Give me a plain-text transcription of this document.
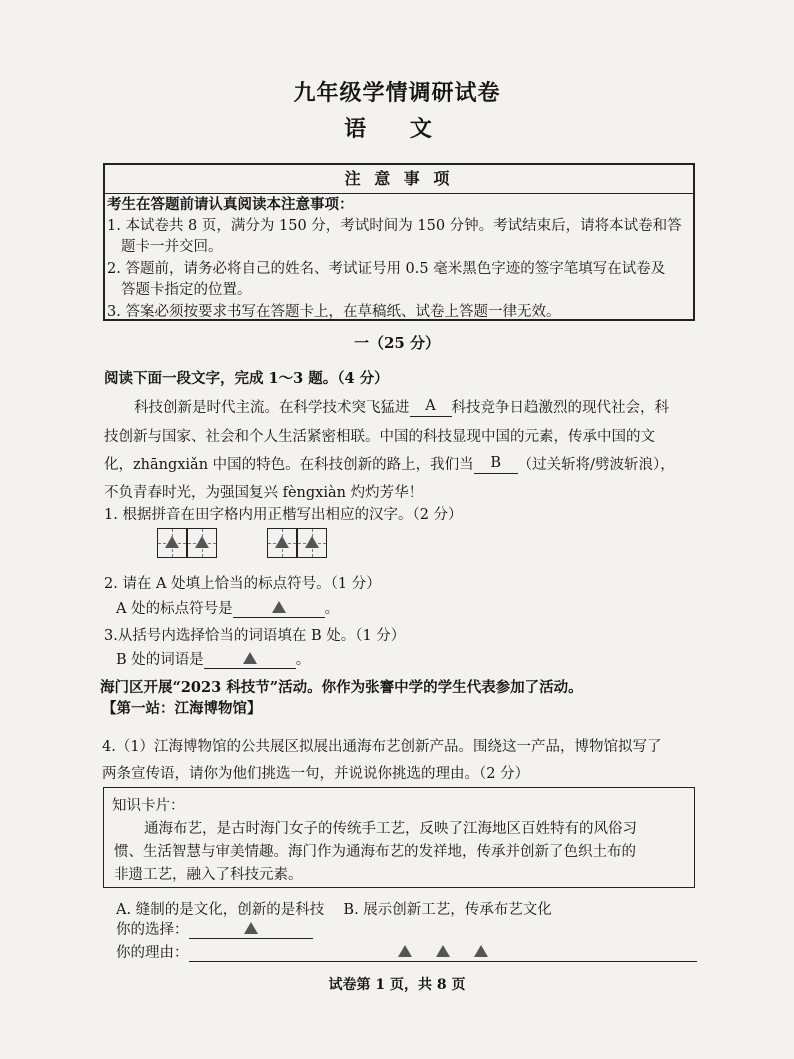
九年级学情调研试卷
语 文
注 意 事 项
考生在答题前请认真阅读本注意事项：
1. 本试卷共 8 页，满分为 150 分，考试时间为 150 分钟。考试结束后，请将本试卷和答
题卡一并交回。
2. 答题前，请务必将自己的姓名、考试证号用 0.5 毫米黑色字迹的签字笔填写在试卷及
答题卡指定的位置。
3. 答案必须按要求书写在答题卡上，在草稿纸、试卷上答题一律无效。
一（25 分）
阅读下面一段文字，完成 1～3 题。（4 分）
科技创新是时代主流。在科学技术突飞猛进 A 科技竞争日趋激烈的现代社会，科
技创新与国家、社会和个人生活紧密相联。中国的科技显现中国的元素，传承中国的文
化，zhāngxiǎn 中国的特色。在科技创新的路上，我们当 B （过关斩将/劈波斩浪），
不负青春时光，为强国复兴 fèngxiàn 灼灼芳华！
1. 根据拼音在田字格内用正楷写出相应的汉字。（2 分）
2. 请在 A 处填上恰当的标点符号。（1 分）
A 处的标点符号是	。
3.从括号内选择恰当的词语填在 B 处。（1 分）
B 处的词语是	。
海门区开展“2023 科技节”活动。你作为张謇中学的学生代表参加了活动。
【第一站：江海博物馆】
4.（1）江海博物馆的公共展区拟展出通海布艺创新产品。围绕这一产品，博物馆拟写了
两条宣传语，请你为他们挑选一句，并说说你挑选的理由。（2 分）
知识卡片：
通海布艺，是古时海门女子的传统手工艺，反映了江海地区百姓特有的风俗习
惯、生活智慧与审美情趣。海门作为通海布艺的发祥地，传承并创新了色织土布的
非遗工艺，融入了科技元素。
A. 缝制的是文化，创新的是科技 B. 展示创新工艺，传承布艺文化
你的选择：
你的理由：
试卷第 1 页，共 8 页
